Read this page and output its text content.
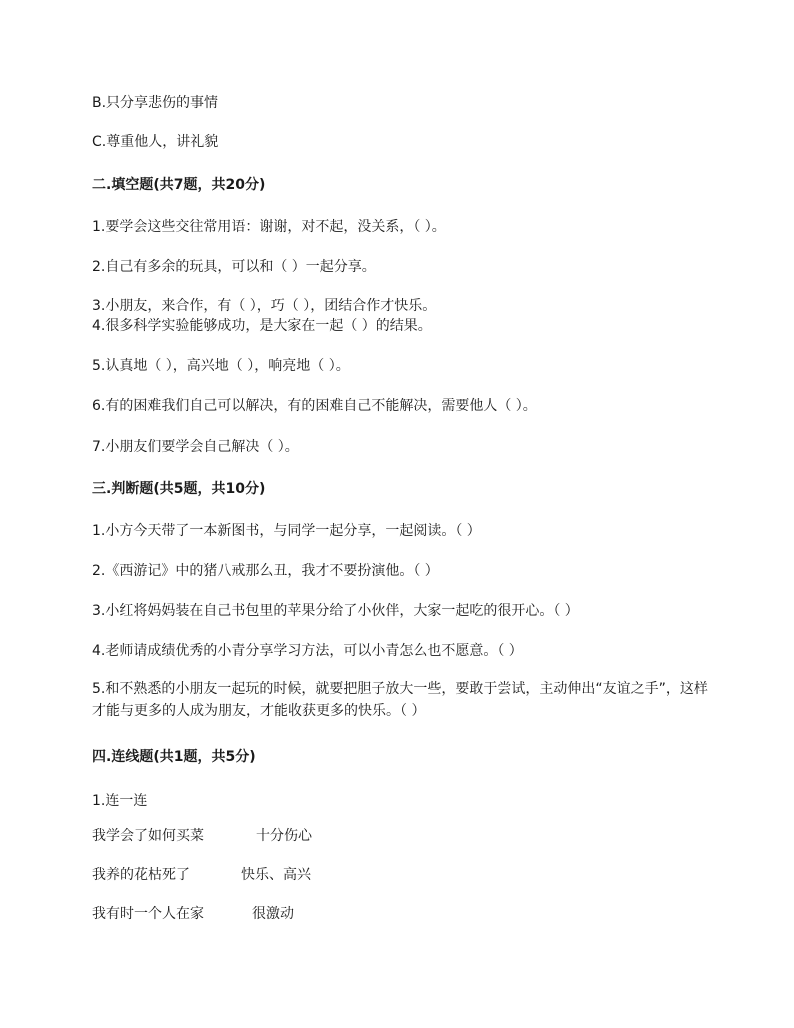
B.只分享悲伤的事情
C.尊重他人，讲礼貌
二.填空题(共7题，共20分)
1.要学会这些交往常用语：谢谢，对不起，没关系，（ ）。
2.自己有多余的玩具，可以和（ ）一起分享。
3.小朋友，来合作，有（ ），巧（ ），团结合作才快乐。
4.很多科学实验能够成功，是大家在一起（ ）的结果。
5.认真地（ ），高兴地（ ），响亮地（ ）。
6.有的困难我们自己可以解决，有的困难自己不能解决，需要他人（ ）。
7.小朋友们要学会自己解决（ ）。
三.判断题(共5题，共10分)
1.小方今天带了一本新图书，与同学一起分享，一起阅读。（ ）
2.《西游记》中的猪八戒那么丑，我才不要扮演他。（ ）
3.小红将妈妈装在自己书包里的苹果分给了小伙伴，大家一起吃的很开心。（ ）
4.老师请成绩优秀的小青分享学习方法，可以小青怎么也不愿意。（ ）
5.和不熟悉的小朋友一起玩的时候，就要把胆子放大一些，要敢于尝试，主动伸出“友谊之手”，这样才能与更多的人成为朋友，才能收获更多的快乐。（ ）
四.连线题(共1题，共5分)
1.连一连
我学会了如何买菜	十分伤心
我养的花枯死了	快乐、高兴
我有时一个人在家	很激动
